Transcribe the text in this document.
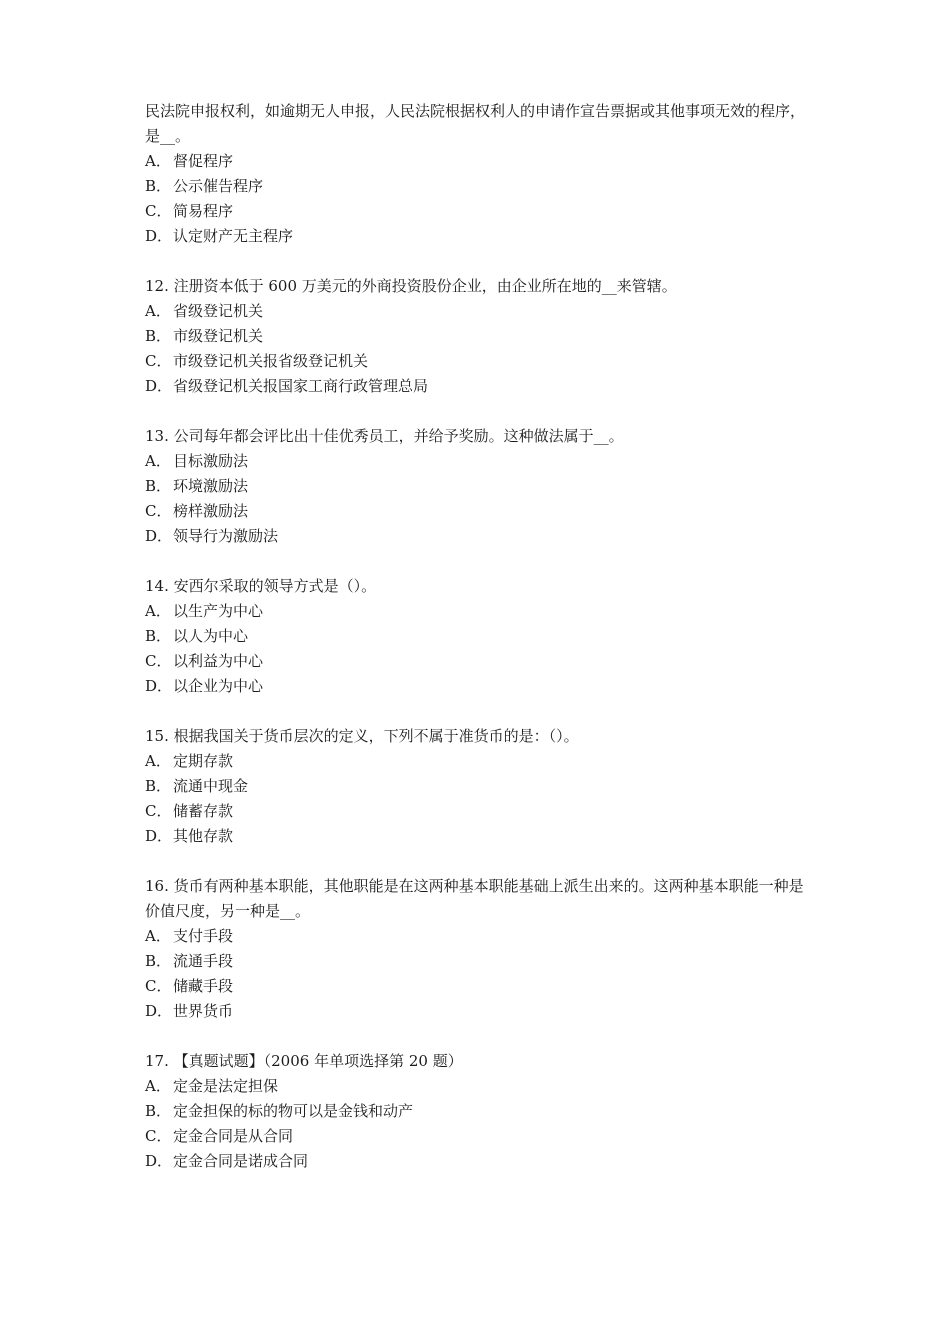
民法院申报权利，如逾期无人申报，人民法院根据权利人的申请作宣告票据或其他事项无效的程序，是__。

A． 督促程序
B． 公示催告程序
C． 简易程序
D．认定财产无主程序

12. 注册资本低于 600 万美元的外商投资股份企业，由企业所在地的__来管辖。

A． 省级登记机关
B． 市级登记机关
C． 市级登记机关报省级登记机关
D．省级登记机关报国家工商行政管理总局

13. 公司每年都会评比出十佳优秀员工，并给予奖励。这种做法属于__。

A． 目标激励法
B． 环境激励法
C． 榜样激励法
D．领导行为激励法

14. 安西尔采取的领导方式是（）。

A． 以生产为中心
B． 以人为中心
C． 以利益为中心
D．以企业为中心

15. 根据我国关于货币层次的定义，下列不属于准货币的是：（）。

A． 定期存款
B． 流通中现金
C． 储蓄存款
D．其他存款

16. 货币有两种基本职能，其他职能是在这两种基本职能基础上派生出来的。这两种基本职能一种是价值尺度，另一种是__。

A． 支付手段
B． 流通手段
C． 储藏手段
D．世界货币

17. 【真题试题】（2006 年单项选择第 20 题）

A． 定金是法定担保
B． 定金担保的标的物可以是金钱和动产
C． 定金合同是从合同
D．定金合同是诺成合同
